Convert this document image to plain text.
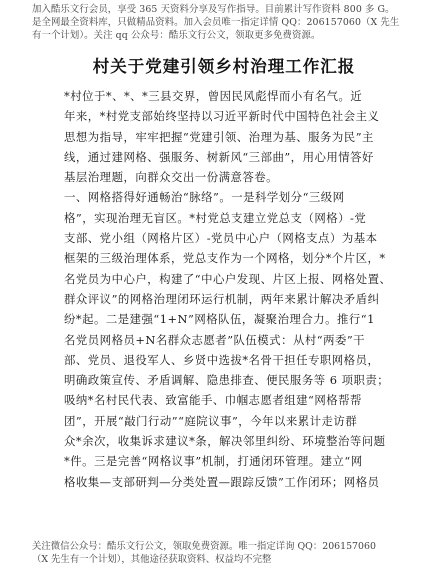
加入酷乐文行会员，享受 365 天资料分享及写作指导。目前累计写作资料 800 多 G。
是全网最全资料库，只做精品资料。加入会员唯一指定详情 QQ：206157060（X 先生
有一个计划）。关注 qq 公众号：酷乐文行公文，领取更多免费资源。
村关于党建引领乡村治理工作汇报
*村位于*、*、*三县交界，曾因民风彪悍而小有名气。近
年来，*村党支部始终坚持以习近平新时代中国特色社会主义
思想为指导，牢牢把握“党建引领、治理为基、服务为民”主
线，通过建网格、强服务、树新风“三部曲”，用心用情答好
基层治理题，向群众交出一份满意答卷。
一、网格搭得好通畅治“脉络”。一是科学划分“三级网
格”，实现治理无盲区。*村党总支建立党总支（网格）-党
支部、党小组（网格片区）-党员中心户（网格支点）为基本
框架的三级治理体系，党总支作为一个网格，划分*个片区，*
名党员为中心户，构建了“中心户发现、片区上报、网格处置、
群众评议”的网格治理闭环运行机制，两年来累计解决矛盾纠
纷*起。二是建强“1+N”网格队伍，凝聚治理合力。推行“1
名党员网格员+N名群众志愿者”队伍模式：从村“两委”干
部、党员、退役军人、乡贤中选拔*名骨干担任专职网格员，
明确政策宣传、矛盾调解、隐患排查、便民服务等 6 项职责；
吸纳*名村民代表、致富能手、巾帼志愿者组建“网格帮帮
团”，开展“敲门行动”“庭院议事”，今年以来累计走访群
众*余次，收集诉求建议*条，解决邻里纠纷、环境整治等问题
*件。三是完善“网格议事”机制，打通闭环管理。建立“网
格收集—支部研判—分类处置—跟踪反馈”工作闭环；网格员
关注微信公众号：酷乐文行公文，领取免费资源。唯一指定详询 QQ：206157060
（X 先生有一个计划），其他途径获取资料、权益均不完整
